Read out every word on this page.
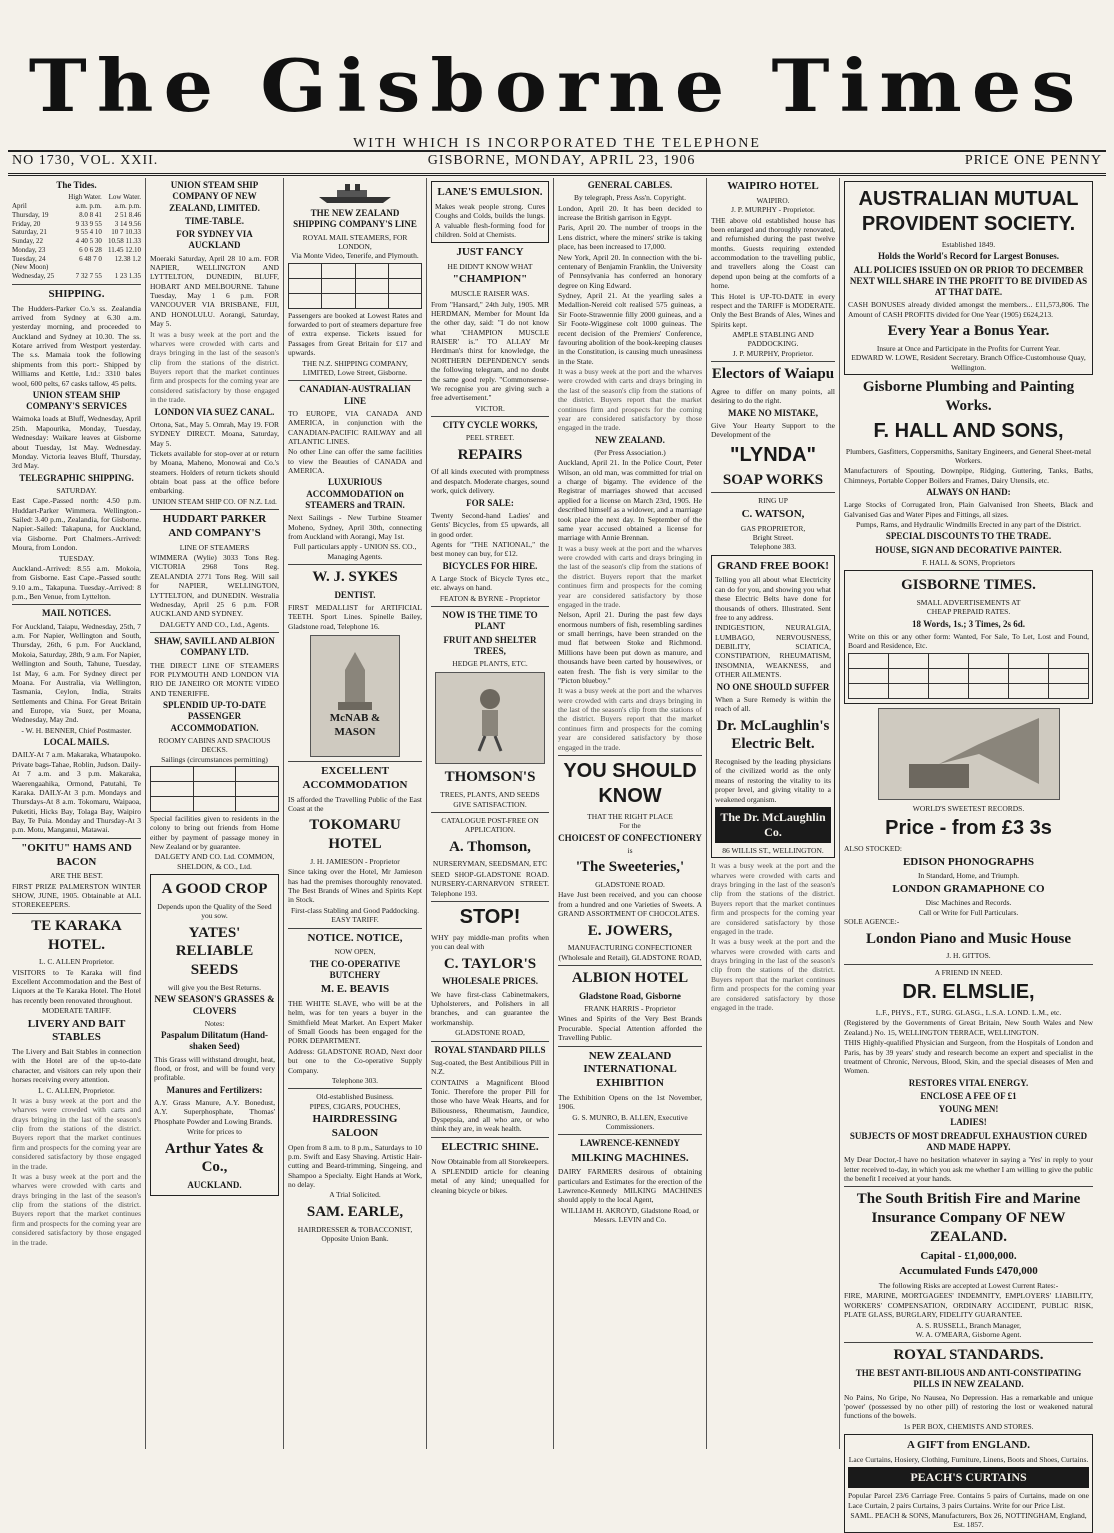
The Gisborne Times
WITH WHICH IS INCORPORATED THE TELEPHONE
NO 1730, VOL. XXII.	GISBORNE, MONDAY, APRIL 23, 1906	PRICE ONE PENNY
The Tides.
	High Water.	Low Water.
April	a.m. p.m.	a.m. p.m.
Thursday, 19	8.0 8 41	2 51 8.46
Friday, 20	9 33 9 55	3 14 9.56
Saturday, 21	9 55 4 10	10 7 10.33
Sunday, 22	4 40 5 30	10.58 11.33
Monday, 23	6 0 6 28	11.45 12.10
Tuesday, 24	6 48 7 0	12.38 1.2
(New Moon)		
Wednesday, 25	7 32 7 55	1 23 1.35
SHIPPING.

The Hudders-Parker Co.'s ss. Zealandia arrived from Sydney at 6.30 a.m. yesterday morning, and proceeded to Auckland and Sydney at 10.30. The ss. Kotare arrived from Westport yesterday. The s.s. Mamaia took the following shipments from this port:- Shipped by Williams and Kettle, Ltd.: 3310 bales wool, 600 pelts, 67 casks tallow, 45 pelts.

UNION STEAM SHIP COMPANY'S SERVICES

Waimoka loads at Bluff, Wednesday, April 25th. Mapourika, Monday, Tuesday, Wednesday: Waikare leaves at Gisborne about Tuesday, 1st May. Wednesday. Monday. Victoria leaves Bluff, Thursday, 3rd May.

TELEGRAPHIC SHIPPING.
SATURDAY.

East Cape.-Passed north: 4.50 p.m. Huddart-Parker Wimmera. Wellington.-Sailed: 3.40 p.m., Zealandia, for Gisborne. Napier.-Sailed: Takapuna, for Auckland, via Gisborne. Port Chalmers.-Arrived: Moura, from London.

TUESDAY.

Auckland.-Arrived: 8.55 a.m. Mokoia, from Gisborne. East Cape.-Passed south: 9.10 a.m., Takapuna. Tuesday.-Arrived: 8 p.m., Ben Venue, from Lyttelton.

MAIL NOTICES.

For Auckland, Taiapu, Wednesday, 25th, 7 a.m. For Napier, Wellington and South, Thursday, 26th, 6 p.m. For Auckland, Mokoia, Saturday, 28th, 9 a.m. For Napier, Wellington and South, Tahune, Tuesday, 1st May, 6 a.m. For Sydney direct per Moana. For Australia, via Wellington, Tasmania, Ceylon, India, Straits Settlements and China. For Great Britain and Europe, via Suez, per Moana, Wednesday, May 2nd.

- W. H. BENNER, Chief Postmaster.
LOCAL MAILS.

DAILY-At 7 a.m. Makaraka, Whataupoko. Private bags-Tahae, Roblin, Judson. Daily-At 7 a.m. and 3 p.m. Makaraka, Waerengaahika, Ormond, Patutahi, Te Karaka. DAILY-At 3 p.m. Mondays and Thursdays-At 8 a.m. Tokomaru, Waipaoa, Puketiti, Hicks Bay, Tolaga Bay, Waipiro Bay, Te Puia. Monday and Thursday-At 3 p.m. Motu, Manganui, Matawai.

"OKITU" HAMS AND BACON
ARE THE BEST.

FIRST PRIZE PALMERSTON WINTER SHOW, JUNE, 1905. Obtainable at ALL STOREKEEPERS.

TE KARAKA HOTEL.
L. C. ALLEN Proprietor.

VISITORS to Te Karaka will find Excellent Accommodation and the Best of Liquors at the Te Karaka Hotel. The Hotel has recently been renovated throughout.

MODERATE TARIFF.
LIVERY AND BAIT STABLES

The Livery and Bait Stables in connection with the Hotel are of the up-to-date character, and visitors can rely upon their horses receiving every attention.

L. C. ALLEN, Proprietor.

It was a busy week at the port and the wharves were crowded with carts and drays bringing in the last of the season's clip from the stations of the district. Buyers report that the market continues firm and prospects for the coming year are considered satisfactory by those engaged in the trade.

It was a busy week at the port and the wharves were crowded with carts and drays bringing in the last of the season's clip from the stations of the district. Buyers report that the market continues firm and prospects for the coming year are considered satisfactory by those engaged in the trade.

UNION STEAM SHIP COMPANY OF NEW ZEALAND, LIMITED.
TIME-TABLE.
FOR SYDNEY VIA AUCKLAND

Moeraki Saturday, April 28 10 a.m. FOR NAPIER, WELLINGTON AND LYTTELTON, DUNEDIN, BLUFF, HOBART AND MELBOURNE. Tahune Tuesday, May 1 6 p.m. FOR VANCOUVER VIA BRISBANE, FIJI, AND HONOLULU. Aorangi, Saturday, May 5.

It was a busy week at the port and the wharves were crowded with carts and drays bringing in the last of the season's clip from the stations of the district. Buyers report that the market continues firm and prospects for the coming year are considered satisfactory by those engaged in the trade.

LONDON VIA SUEZ CANAL.

Ortona, Sat., May 5. Omrah, May 19. FOR SYDNEY DIRECT. Moana, Saturday, May 5.

Tickets available for stop-over at or return by Moana, Maheno, Monowai and Co.'s steamers. Holders of return tickets should obtain boat pass at the office before embarking.

UNION STEAM SHIP CO. OF N.Z. Ltd.
HUDDART PARKER AND COMPANY'S
LINE OF STEAMERS

WIMMERA (Wylie) 3033 Tons Reg. VICTORIA 2968 Tons Reg. ZEALANDIA 2771 Tons Reg. Will sail for NAPIER, WELLINGTON, LYTTELTON, and DUNEDIN. Westralia Wednesday, April 25 6 p.m. FOR AUCKLAND AND SYDNEY.

DALGETY AND CO., Ltd., Agents.
SHAW, SAVILL AND ALBION COMPANY LTD.

THE DIRECT LINE OF STEAMERS FOR PLYMOUTH AND LONDON VIA RIO DE JANEIRO OR MONTE VIDEO AND TENERIFFE.

SPLENDID UP-TO-DATE PASSENGER ACCOMMODATION.
ROOMY CABINS AND SPACIOUS DECKS.
Sailings (circumstances permitting)

Special facilities given to residents in the colony to bring out friends from Home either by payment of passage money in New Zealand or by guarantee.

DALGETY AND CO. Ltd. COMMON, SHELDON, & CO., Ltd.
A GOOD CROP
Depends upon the Quality of the Seed you sow.
YATES' RELIABLE SEEDS
will give you the Best Returns.
NEW SEASON'S GRASSES & CLOVERS
Notes:
Paspalum Dilitatum (Hand-shaken Seed)

This Grass will withstand drought, heat, flood, or frost, and will be found very profitable.

Manures and Fertilizers:

A.Y. Grass Manure, A.Y. Bonedust, A.Y. Superphosphate, Thomas' Phosphate Powder and Lowing Brands.

Write for prices to
Arthur Yates & Co.,
AUCKLAND.
THE NEW ZEALAND SHIPPING COMPANY'S LINE
ROYAL MAIL STEAMERS, FOR LONDON,
Via Monte Video, Tenerife, and Plymouth.

Passengers are booked at Lowest Rates and forwarded to port of steamers departure free of extra expense. Tickets issued for Passages from Great Britain for £17 and upwards.

THE N.Z. SHIPPING COMPANY, LIMITED, Lowe Street, Gisborne.
CANADIAN-AUSTRALIAN LINE

TO EUROPE, VIA CANADA AND AMERICA, in conjunction with the CANADIAN-PACIFIC RAILWAY and all ATLANTIC LINES.

No other Line can offer the same facilities to view the Beauties of CANADA and AMERICA.

LUXURIOUS ACCOMMODATION on STEAMERS and TRAIN.

Next Sailings - New Turbine Steamer Moheno, Sydney, April 30th, connecting from Auckland with Aorangi, May 1st.

Full particulars apply - UNION SS. CO., Managing Agents.
W. J. SYKES
DENTIST.

FIRST MEDALLIST for ARTIFICIAL TEETH. Sport Lines. Spinelle Bailey, Gladstone road, Telephone 16.

McNAB & MASON
EXCELLENT ACCOMMODATION

IS afforded the Travelling Public of the East Coast at the

TOKOMARU HOTEL
J. H. JAMIESON - Proprietor

Since taking over the Hotel, Mr Jamieson has had the premises thoroughly renovated. The Best Brands of Wines and Spirits Kept in Stock.

First-class Stabling and Good Paddocking.
EASY TARIFF.
NOTICE. NOTICE,
NOW OPEN,
THE CO-OPERATIVE BUTCHERY
M. E. BEAVIS

THE WHITE SLAVE, who will be at the helm, was for ten years a buyer in the Smithfield Meat Market. An Expert Maker of Small Goods has been engaged for the PORK DEPARTMENT.

Address: GLADSTONE ROAD, Next door but one to the Co-operative Supply Company.

Telephone 303.
Old-established Business.
PIPES, CIGARS, POUCHES,
HAIRDRESSING SALOON

Open from 8 a.m. to 8 p.m., Saturdays to 10 p.m. Swift and Easy Shaving. Artistic Hair-cutting and Beard-trimming, Singeing, and Shampoo a Specialty. Eight Hands at Work, no delay.

A Trial Solicited.
SAM. EARLE,
HAIRDRESSER & TOBACCONIST, Opposite Union Bank.
LANE'S EMULSION.

Makes weak people strong. Cures Coughs and Colds, builds the lungs. A valuable flesh-forming food for children. Sold at Chemists.

JUST FANCY
HE DIDN'T KNOW WHAT
"CHAMPION"
MUSCLE RAISER WAS.

From "Hansard," 24th July, 1905. MR HERDMAN, Member for Mount Ida the other day, said: "I do not know what 'CHAMPION MUSCLE RAISER' is." TO ALLAY Mr Herdman's thirst for knowledge, the NORTHERN DEPENDENCY sends the following telegram, and no doubt the same good reply. "Commonsense-We recognise you are giving such a free advertisement."

VICTOR.
CITY CYCLE WORKS,
PEEL STREET.
REPAIRS

Of all kinds executed with promptness and despatch. Moderate charges, sound work, quick delivery.

FOR SALE:

Twenty Second-hand Ladies' and Gents' Bicycles, from £5 upwards, all in good order.

Agents for "THE NATIONAL," the best money can buy, for £12.

BICYCLES FOR HIRE.

A Large Stock of Bicycle Tyres etc., etc. always on hand.

FEATON & BYRNE - Proprietor
NOW IS THE TIME TO PLANT
FRUIT AND SHELTER TREES,
HEDGE PLANTS, ETC.
THOMSON'S
TREES, PLANTS, AND SEEDS GIVE SATISFACTION.
CATALOGUE POST-FREE ON APPLICATION.
A. Thomson,
NURSERYMAN, SEEDSMAN, ETC

SEED SHOP-GLADSTONE ROAD. NURSERY-CARNARVON STREET. Telephone 193.

STOP!

WHY pay middle-man profits when you can deal with

C. TAYLOR'S
WHOLESALE PRICES.

We have first-class Cabinetmakers, Upholsterers, and Polishers in all branches, and can guarantee the workmanship.

GLADSTONE ROAD,
ROYAL STANDARD PILLS

Sug-coated, the Best Antibilious Pill in N.Z.

CONTAINS a Magnificent Blood Tonic. Therefore the proper Pill for those who have Weak Hearts, and for Biliousness, Rheumatism, Jaundice, Dyspepsia, and all who are, or who think they are, in weak health.

ELECTRIC SHINE.
Now Obtainable from all Storekeepers.

A SPLENDID article for cleaning metal of any kind; unequalled for cleaning bicycle or bikes.

GENERAL CABLES.
By telegraph, Press Ass'n. Copyright.

London, April 20. It has been decided to increase the British garrison in Egypt.

Paris, April 20. The number of troops in the Lens district, where the miners' strike is taking place, has been increased to 17,000.

New York, April 20. In connection with the bi-centenary of Benjamin Franklin, the University of Pennsylvania has conferred an honorary degree on King Edward.

Sydney, April 21. At the yearling sales a Medallion-Nereid colt realised 575 guineas, a Sir Foote-Strawennie filly 2000 guineas, and a Sir Foote-Wigginese colt 1000 guineas. The recent decision of the Premiers' Conference, favouring abolition of the book-keeping clauses in the Constitution, is causing much uneasiness in the State.

It was a busy week at the port and the wharves were crowded with carts and drays bringing in the last of the season's clip from the stations of the district. Buyers report that the market continues firm and prospects for the coming year are considered satisfactory by those engaged in the trade.

NEW ZEALAND.
(Per Press Association.)

Auckland, April 21. In the Police Court, Peter Wilson, an old man, was committed for trial on a charge of bigamy. The evidence of the Registrar of marriages showed that accused applied for a license on March 23rd, 1905. He described himself as a widower, and a marriage took place the next day. In September of the same year accused obtained a license for marriage with Annie Brennan.

It was a busy week at the port and the wharves were crowded with carts and drays bringing in the last of the season's clip from the stations of the district. Buyers report that the market continues firm and prospects for the coming year are considered satisfactory by those engaged in the trade.

Nelson, April 21. During the past few days enormous numbers of fish, resembling sardines or small herrings, have been stranded on the mud flat between Stoke and Richmond. Millions have been put down as manure, and thousands have been carted by housewives, or eaten fresh. The fish is very similar to the "Picton blueboy."

It was a busy week at the port and the wharves were crowded with carts and drays bringing in the last of the season's clip from the stations of the district. Buyers report that the market continues firm and prospects for the coming year are considered satisfactory by those engaged in the trade.

YOU SHOULD KNOW
THAT THE RIGHT PLACE
For the
CHOICEST OF CONFECTIONERY
is
'The Sweeteries,'
GLADSTONE ROAD.

Have Just been received, and you can choose from a hundred and one Varieties of Sweets. A GRAND ASSORTMENT OF CHOCOLATES.

E. JOWERS,
MANUFACTURING CONFECTIONER (Wholesale and Retail), GLADSTONE ROAD,
ALBION HOTEL
Gladstone Road, Gisborne
FRANK HARRIS - Proprietor

Wines and Spirits of the Very Best Brands Procurable. Special Attention afforded the Travelling Public.

NEW ZEALAND INTERNATIONAL EXHIBITION

The Exhibition Opens on the 1st November, 1906.

G. S. MUNRO, B. ALLEN, Executive Commissioners.
LAWRENCE-KENNEDY
MILKING MACHINES.

DAIRY FARMERS desirous of obtaining particulars and Estimates for the erection of the Lawrence-Kennedy MILKING MACHINES should apply to the local Agent,

WILLIAM H. AKROYD, Gladstone Road, or Messrs. LEVIN and Co.
WAIPIRO HOTEL
WAIPIRO.
J. P. MURPHY - Proprietor.

THE above old established house has been enlarged and thoroughly renovated, and refurnished during the past twelve months. Guests requiring extended accommodation to the travelling public, and travellers along the Coast can depend upon being at the comforts of a home.

This Hotel is UP-TO-DATE in every respect and the TARIFF is MODERATE. Only the Best Brands of Ales, Wines and Spirits kept.

AMPLE STABLING AND PADDOCKING.
J. P. MURPHY, Proprietor.
Electors of Waiapu

Agree to differ on many points, all desiring to do the right.

MAKE NO MISTAKE,

Give Your Hearty Support to the Development of the

"LYNDA"
SOAP WORKS
RING UP
C. WATSON,
GAS PROPRIETOR,
Bright Street.
Telephone 383.
GRAND FREE BOOK!

Telling you all about what Electricity can do for you, and showing you what these Electric Belts have done for thousands of others. Illustrated. Sent free to any address.

INDIGESTION, NEURALGIA, LUMBAGO, NERVOUSNESS, DEBILITY, SCIATICA, CONSTIPATION, RHEUMATISM, INSOMNIA, WEAKNESS, and OTHER AILMENTS.

NO ONE SHOULD SUFFER

When a Sure Remedy is within the reach of all.

Dr. McLaughlin's Electric Belt.

Recognised by the leading physicians of the civilized world as the only means of restoring the vitality to its proper level, and giving vitality to a weakened organism.

The Dr. McLaughlin Co.
86 WILLIS ST., WELLINGTON.

It was a busy week at the port and the wharves were crowded with carts and drays bringing in the last of the season's clip from the stations of the district. Buyers report that the market continues firm and prospects for the coming year are considered satisfactory by those engaged in the trade.

It was a busy week at the port and the wharves were crowded with carts and drays bringing in the last of the season's clip from the stations of the district. Buyers report that the market continues firm and prospects for the coming year are considered satisfactory by those engaged in the trade.

AUSTRALIAN MUTUAL PROVIDENT SOCIETY.
Established 1849.
Holds the World's Record for Largest Bonuses.
ALL POLICIES ISSUED ON OR PRIOR TO DECEMBER NEXT WILL SHARE IN THE PROFIT TO BE DIVIDED AS AT THAT DATE.

CASH BONUSES already divided amongst the members... £11,573,806. The Amount of CASH PROFITS divided for One Year (1905) £624,213.

Every Year a Bonus Year.
Insure at Once and Participate in the Profits for Current Year.
EDWARD W. LOWE, Resident Secretary. Branch Office-Customhouse Quay, Wellington.
Gisborne Plumbing and Painting Works.
F. HALL AND SONS,
Plumbers, Gasfitters, Coppersmiths, Sanitary Engineers, and General Sheet-metal Workers.

Manufacturers of Spouting, Downpipe, Ridging, Guttering, Tanks, Baths, Chimneys, Portable Copper Boilers and Frames, Dairy Utensils, etc.

ALWAYS ON HAND:

Large Stocks of Corrugated Iron, Plain Galvanised Iron Sheets, Black and Galvanised Gas and Water Pipes and Fittings, all sizes.

Pumps, Rams, and Hydraulic Windmills Erected in any part of the District.
SPECIAL DISCOUNTS TO THE TRADE.
HOUSE, SIGN AND DECORATIVE PAINTER.
F. HALL & SONS, Proprietors
GISBORNE TIMES.
SMALL ADVERTISEMENTS AT
CHEAP PREPAID RATES.
18 Words, 1s.; 3 Times, 2s 6d.

Write on this or any other form: Wanted, For Sale, To Let, Lost and Found, Board and Residence, Etc.

WORLD'S SWEETEST RECORDS.
Price - from £3 3s
ALSO STOCKED:
EDISON PHONOGRAPHS
In Standard, Home, and Triumph.
LONDON GRAMAPHONE CO
Disc Machines and Records.
Call or Write for Full Particulars.
SOLE AGENCE:-
London Piano and Music House
J. H. GITTOS.
A FRIEND IN NEED.
DR. ELMSLIE,
L.F., PHYS., F.T., SURG. GLASG., L.S.A. LOND. L.M., etc.

(Registered by the Governments of Great Britain, New South Wales and New Zealand.) No. 15, WELLINGTON TERRACE, WELLINGTON.

THIS Highly-qualified Physician and Surgeon, from the Hospitals of London and Paris, has by 39 years' study and research become an expert and specialist in the treatment of Chronic, Nervous, Blood, Skin, and the special diseases of Men and Women.

RESTORES VITAL ENERGY.
ENCLOSE A FEE OF £1
YOUNG MEN!
LADIES!
SUBJECTS OF MOST DREADFUL EXHAUSTION CURED AND MADE HAPPY.

My Dear Doctor,-I have no hesitation whatever in saying a 'Yes' in reply to your letter received to-day, in which you ask me whether I am willing to give the public the benefit I received at your hands.

The South British Fire and Marine Insurance Company OF NEW ZEALAND.
Capital - £1,000,000.
Accumulated Funds £470,000
The following Risks are accepted at Lowest Current Rates:-

FIRE, MARINE, MORTGAGEES' INDEMNITY, EMPLOYERS' LIABILITY, WORKERS' COMPENSATION, ORDINARY ACCIDENT, PUBLIC RISK, PLATE GLASS, BURGLARY, FIDELITY GUARANTEE.

A. S. RUSSELL, Branch Manager,
W. A. O'MEARA, Gisborne Agent.
ROYAL STANDARDS.
THE BEST ANTI-BILIOUS AND ANTI-CONSTIPATING PILLS IN NEW ZEALAND.

No Pains, No Gripe, No Nausea, No Depression. Has a remarkable and unique 'power' (possessed by no other pill) of restoring the lost or weakened natural functions of the bowels.

1s PER BOX, CHEMISTS AND STORES.
A GIFT from ENGLAND.
Lace Curtains, Hosiery, Clothing, Furniture, Linens, Boots and Shoes, Curtains.
PEACH'S CURTAINS

Popular Parcel 23/6 Carriage Free. Contains 5 pairs of Curtains, made on one Lace Curtain, 2 pairs Curtains, 3 pairs Curtains. Write for our Price List.

SAML. PEACH & SONS, Manufacturers, Box 26, NOTTINGHAM, England, Est. 1857.
